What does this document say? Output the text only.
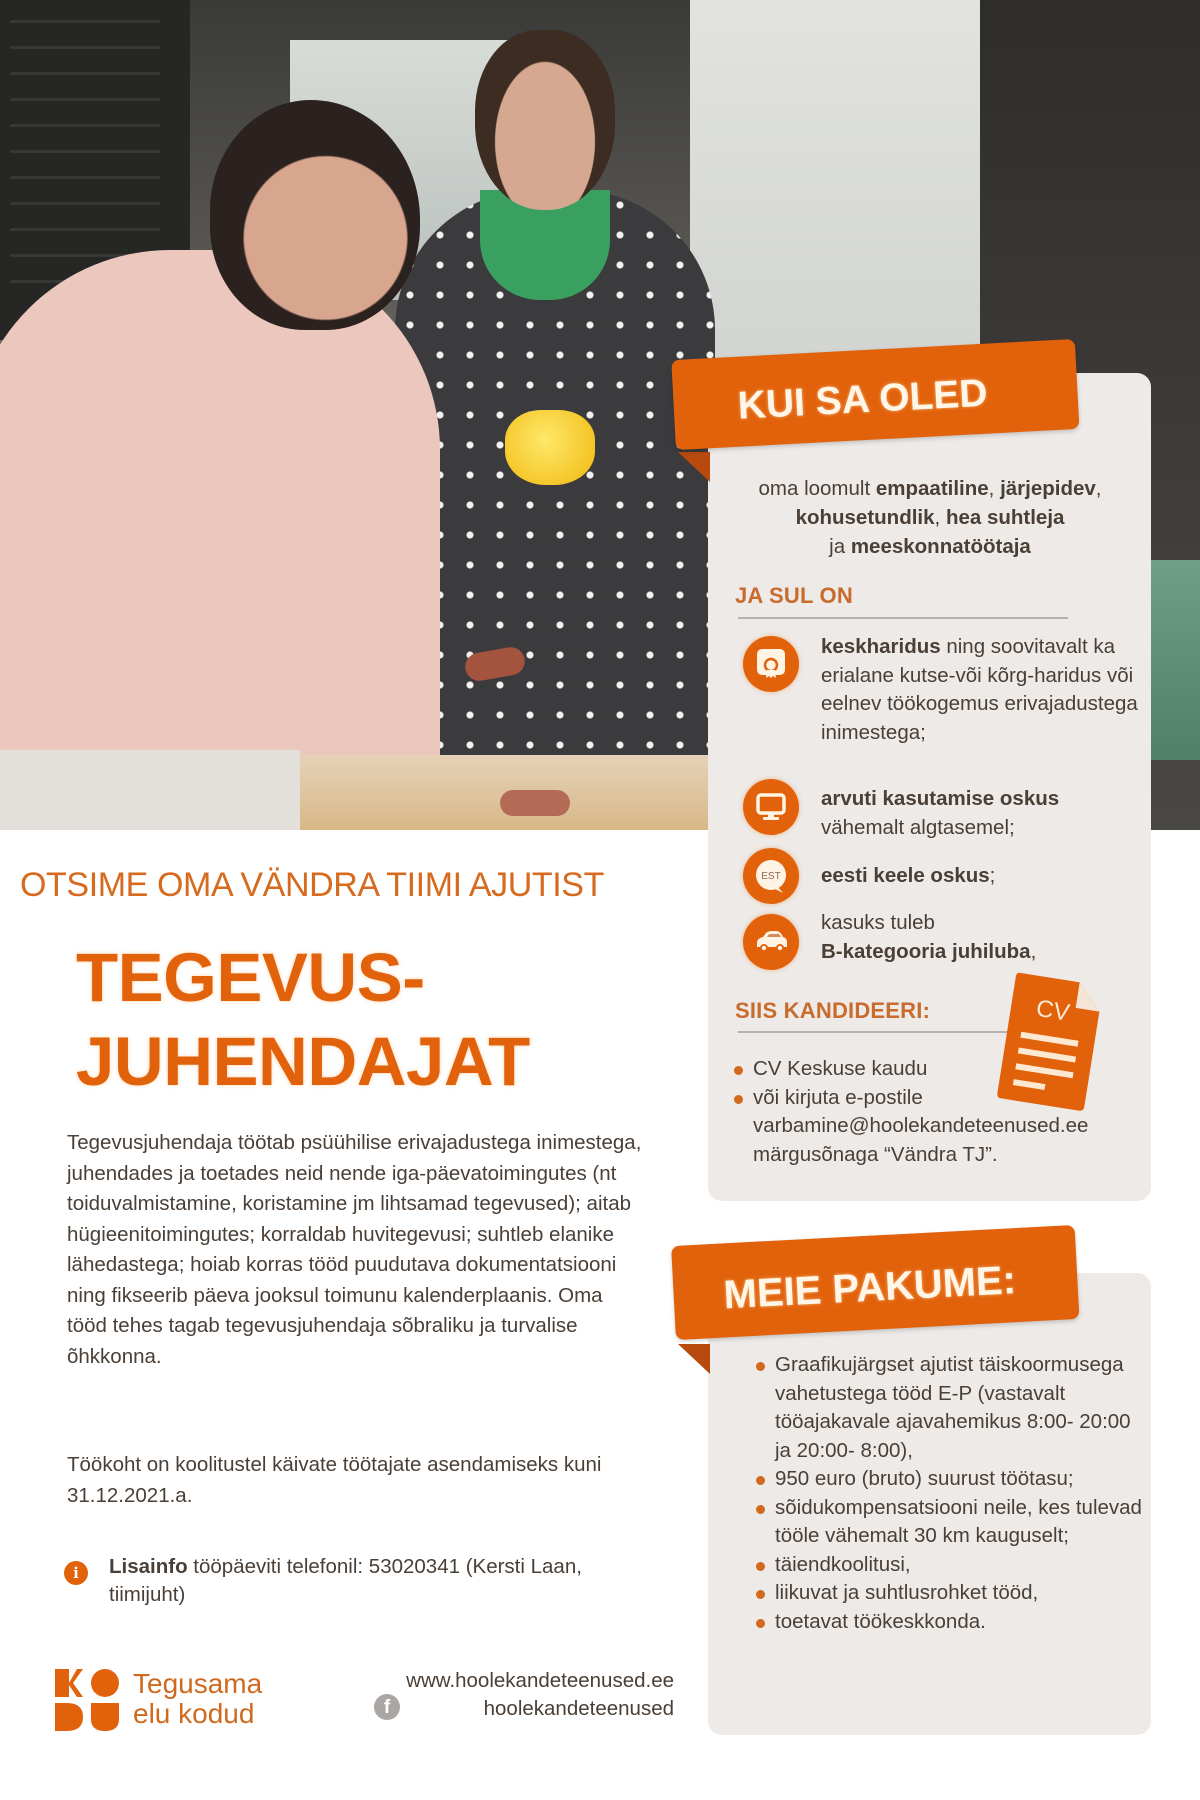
KUI SA OLED
oma loomult empaatiline, järjepidev,
kohusetundlik, hea suhtleja
ja meeskonnatöötaja
JA SUL ON
EST
keskharidus ning soovitavalt ka erialane kutse-või kõrg-haridus või eelnev töökogemus erivajadustega inimestega;
arvuti kasutamise oskus
vähemalt algtasemel;
eesti keele oskus;
kasuks tuleb
B-kategooria juhiluba,
SIIS KANDIDEERI:	CV
CV Keskuse kaudu
või kirjuta e-postile varbamine@hoolekandeteenused.ee märgusõnaga “Vändra TJ”.
MEIE PAKUME:
Graafikujärgset ajutist täiskoormusega vahetustega tööd E-P (vastavalt tööajakavale ajavahemikus 8:00- 20:00 ja 20:00- 8:00),
950 euro (bruto) suurust töötasu;
sõidukompensatsiooni neile, kes tulevad tööle vähemalt 30 km kauguselt;
täiendkoolitusi,
liikuvat ja suhtlusrohket tööd,
toetavat töökeskkonda.
OTSIME OMA VÄNDRA TIIMI AJUTIST
TEGEVUS-
JUHENDAJAT

Tegevusjuhendaja töötab psüühilise erivajadustega inimestega, juhendades ja toetades neid nende iga-päevatoimingutes (nt toiduvalmistamine, koristamine jm lihtsamad tegevused); aitab hügieenitoimingutes; korraldab huvitegevusi; suhtleb elanike lähedastega; hoiab korras tööd puudutava dokumentatsiooni ning fikseerib päeva jooksul toimunu kalenderplaanis. Oma tööd tehes tagab tegevusjuhendaja sõbraliku ja turvalise õhkkonna.

Töökoht on koolitustel käivate töötajate asendamiseks kuni 31.12.2021.a.

i	Lisainfo tööpäeviti telefonil: 53020341 (Kersti Laan, tiimijuht)
Tegusama
elu kodud
www.hoolekandeteenused.ee
hoolekandeteenused
f
